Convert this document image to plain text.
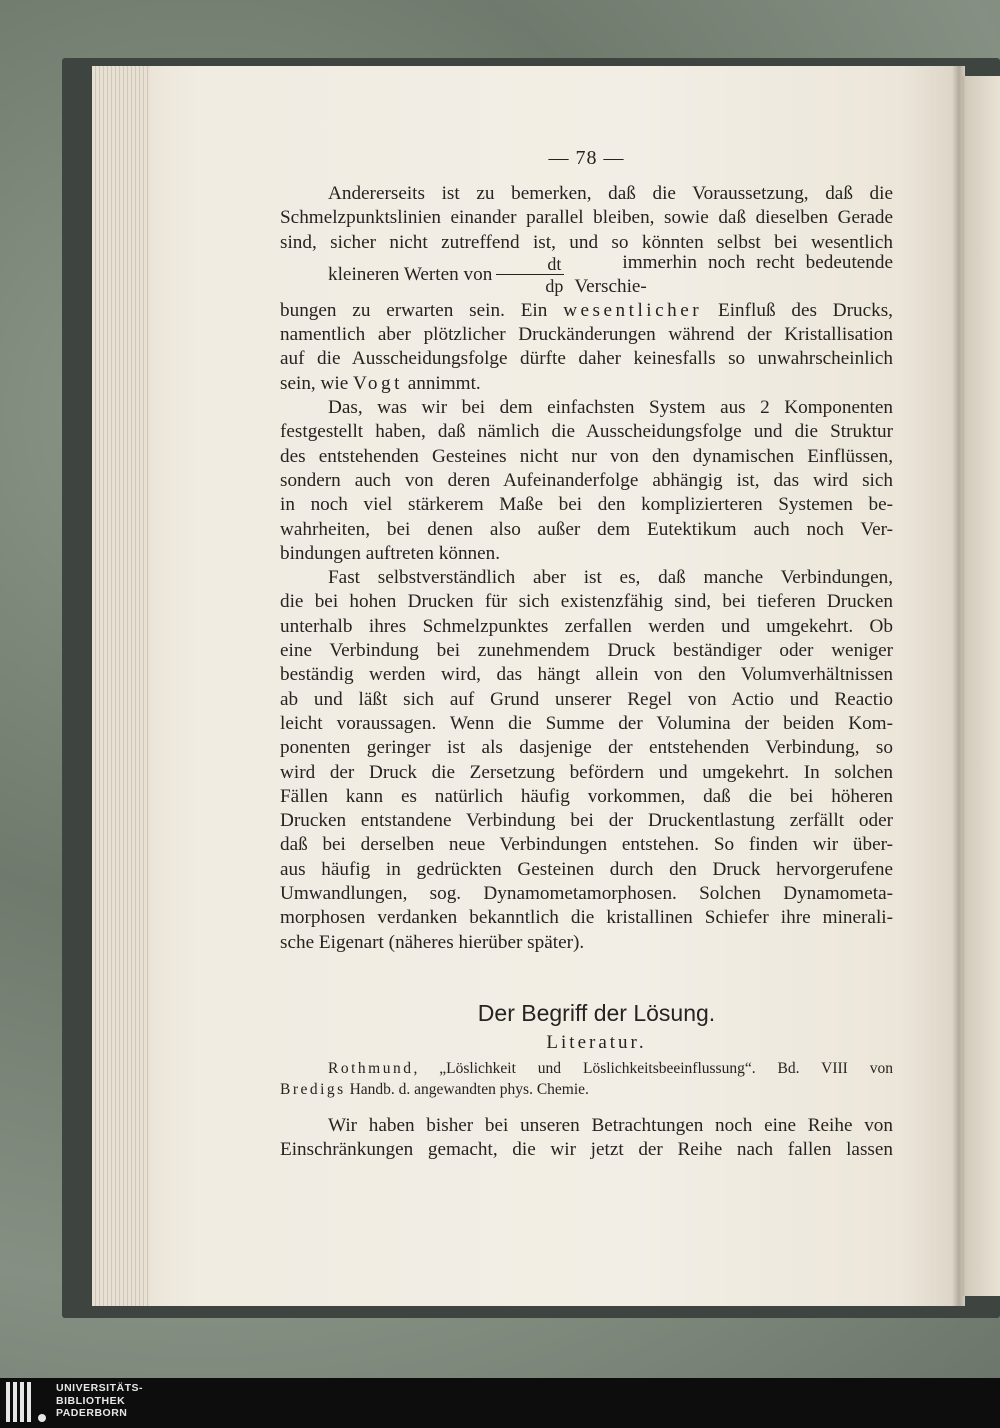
— 78 —
Andererseits ist zu bemerken, daß die Voraussetzung, daß die
Schmelzpunktslinien einander parallel bleiben, sowie daß dieselben Gerade
sind, sicher nicht zutreffend ist, und so könnten selbst bei wesentlich
kleineren Werten von $\frac{dt}{dp}$	immerhin noch recht bedeutende Verschie-
bungen zu erwarten sein. Ein wesentlicher Einfluß des Drucks,
namentlich aber plötzlicher Druckänderungen während der Kristallisation
auf die Ausscheidungsfolge dürfte daher keinesfalls so unwahrscheinlich
sein, wie Vogt annimmt.
Das, was wir bei dem einfachsten System aus 2 Komponenten
festgestellt haben, daß nämlich die Ausscheidungsfolge und die Struktur
des entstehenden Gesteines nicht nur von den dynamischen Einflüssen,
sondern auch von deren Aufeinanderfolge abhängig ist, das wird sich
in noch viel stärkerem Maße bei den komplizierteren Systemen be-
wahrheiten, bei denen also außer dem Eutektikum auch noch Ver-
bindungen auftreten können.
Fast selbstverständlich aber ist es, daß manche Verbindungen,
die bei hohen Drucken für sich existenzfähig sind, bei tieferen Drucken
unterhalb ihres Schmelzpunktes zerfallen werden und umgekehrt. Ob
eine Verbindung bei zunehmendem Druck beständiger oder weniger
beständig werden wird, das hängt allein von den Volumverhältnissen
ab und läßt sich auf Grund unserer Regel von Actio und Reactio
leicht voraussagen. Wenn die Summe der Volumina der beiden Kom-
ponenten geringer ist als dasjenige der entstehenden Verbindung, so
wird der Druck die Zersetzung befördern und umgekehrt. In solchen
Fällen kann es natürlich häufig vorkommen, daß die bei höheren
Drucken entstandene Verbindung bei der Druckentlastung zerfällt oder
daß bei derselben neue Verbindungen entstehen. So finden wir über-
aus häufig in gedrückten Gesteinen durch den Druck hervorgerufene
Umwandlungen, sog. Dynamometamorphosen. Solchen Dynamometa-
morphosen verdanken bekanntlich die kristallinen Schiefer ihre minerali-
sche Eigenart (näheres hierüber später).
Der Begriff der Lösung.
Literatur.
Rothmund, „Löslichkeit und Löslichkeitsbeeinflussung“. Bd. VIII von
Bredigs Handb. d. angewandten phys. Chemie.
Wir haben bisher bei unseren Betrachtungen noch eine Reihe von
Einschränkungen gemacht, die wir jetzt der Reihe nach fallen lassen
UNIVERSITÄTS-
BIBLIOTHEK
PADERBORN
